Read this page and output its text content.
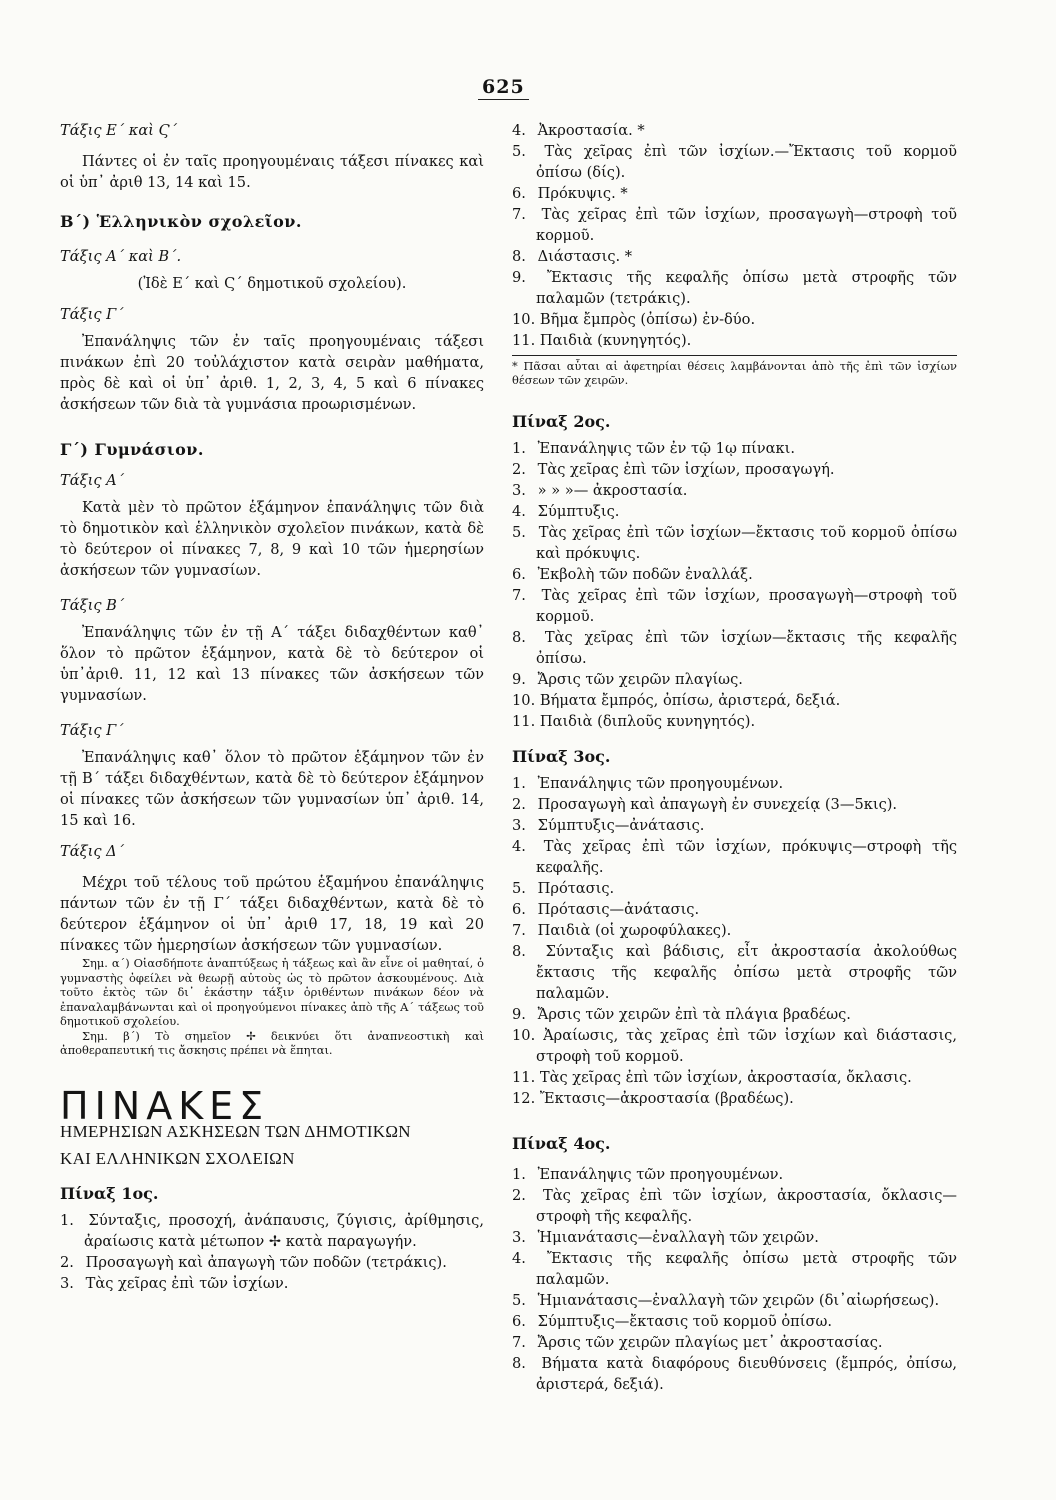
625

Τάξις Ε΄ καὶ Ϛ΄

Πάντες οἱ ἐν ταῖς προηγουμέναις τάξεσι πίνακες καὶ οἱ ὑπ᾽ ἀριθ 13, 14 καὶ 15.

Β΄) Ἑλληνικὸν σχολεῖον.

Τάξις Α΄ καὶ Β΄.

(Ἰδὲ Ε΄ καὶ Ϛ΄ δημοτικοῦ σχολείου).

Τάξις Γ΄

Ἐπανάληψις τῶν ἐν ταῖς προηγουμέναις τάξεσι πινάκων ἐπὶ 20 τοὐλάχιστον κατὰ σειρὰν μαθήματα, πρὸς δὲ καὶ οἱ ὑπ᾽ ἀριθ. 1, 2, 3, 4, 5 καὶ 6 πίνακες ἀσκήσεων τῶν διὰ τὰ γυμνάσια προωρισμένων.

Γ΄) Γυμνάσιον.

Τάξις Α΄

Κατὰ μὲν τὸ πρῶτον ἑξάμηνον ἐπανάληψις τῶν διὰ τὸ δημοτικὸν καὶ ἑλληνικὸν σχολεῖον πινάκων, κατὰ δὲ τὸ δεύτερον οἱ πίνακες 7, 8, 9 καὶ 10 τῶν ἡμερησίων ἀσκήσεων τῶν γυμνασίων.

Τάξις Β΄

Ἐπανάληψις τῶν ἐν τῇ Α΄ τάξει διδαχθέντων καθ᾽ ὅλον τὸ πρῶτον ἑξάμηνον, κατὰ δὲ τὸ δεύτερον οἱ ὑπ᾽ἀριθ. 11, 12 καὶ 13 πίνακες τῶν ἀσκήσεων τῶν γυμνασίων.

Τάξις Γ΄

Ἐπανάληψις καθ᾽ ὅλον τὸ πρῶτον ἑξάμηνον τῶν ἐν τῇ Β΄ τάξει διδαχθέντων, κατὰ δὲ τὸ δεύτερον ἑξάμηνον οἱ πίνακες τῶν ἀσκήσεων τῶν γυμνασίων ὑπ᾽ ἀριθ. 14, 15 καὶ 16.

Τάξις Δ΄

Μέχρι τοῦ τέλους τοῦ πρώτου ἑξαμήνου ἐπανάληψις πάντων τῶν ἐν τῇ Γ΄ τάξει διδαχθέντων, κατὰ δὲ τὸ δεύτερον ἑξάμηνον οἱ ὑπ᾽ ἀριθ 17, 18, 19 καὶ 20 πίνακες τῶν ἡμερησίων ἀσκήσεων τῶν γυμνασίων.

Σημ. α΄) Οἱασδήποτε ἀναπτύξεως ἡ τάξεως καὶ ἂν εἶνε οἱ μαθηταί, ὁ γυμναστὴς ὀφείλει νὰ θεωρῇ αὐτοὺς ὡς τὸ πρῶτον ἀσκουμένους. Διὰ τοῦτο ἐκτὸς τῶν δι᾽ ἑκάστην τάξιν ὁριθέντων πινάκων δέον νὰ ἐπαναλαμβάνωνται καὶ οἱ προηγούμενοι πίνακες ἀπὸ τῆς Α΄ τάξεως τοῦ δημοτικοῦ σχολείου.

Σημ. β΄) Τὸ σημεῖον ✢ δεικνύει ὅτι ἀναπνεοστικὴ καὶ ἀποθεραπευτική τις ἄσκησις πρέπει νὰ ἕπηται.

ΠΙΝΑΚΕΣ

ΗΜΕΡΗΣΙΩΝ ΑΣΚΗΣΕΩΝ ΤΩΝ ΔΗΜΟΤΙΚΩΝ

ΚΑΙ ΕΛΛΗΝΙΚΩΝ ΣΧΟΛΕΙΩΝ

Πίναξ 1ος.

1. Σύνταξις, προσοχή, ἀνάπαυσις, ζύγισις, ἀρίθμησις, ἀραίωσις κατὰ μέτωπον ✢ κατὰ παραγωγήν.
2. Προσαγωγὴ καὶ ἀπαγωγὴ τῶν ποδῶν (τετράκις).
3. Τὰς χεῖρας ἐπὶ τῶν ἰσχίων.
4. Ἀκροστασία. *
5. Τὰς χεῖρας ἐπὶ τῶν ἰσχίων.—Ἔκτασις τοῦ κορμοῦ ὀπίσω (δίς).
6. Πρόκυψις. *
7. Τὰς χεῖρας ἐπὶ τῶν ἰσχίων, προσαγωγὴ—στροφὴ τοῦ κορμοῦ.
8. Διάστασις. *
9. Ἔκτασις τῆς κεφαλῆς ὀπίσω μετὰ στροφῆς τῶν παλαμῶν (τετράκις).
10. Βῆμα ἔμπρὸς (ὀπίσω) ἐν-δύο.
11. Παιδιὰ (κυνηγητός).

* Πᾶσαι αὗται αἱ ἀφετηρίαι θέσεις λαμβάνονται ἀπὸ τῆς ἐπὶ τῶν ἰσχίων θέσεων τῶν χειρῶν.

Πίναξ 2ος.

1. Ἐπανάληψις τῶν ἐν τῷ 1ῳ πίνακι.
2. Τὰς χεῖρας ἐπὶ τῶν ἰσχίων, προσαγωγή.
3. » » »— ἀκροστασία.
4. Σύμπτυξις.
5. Τὰς χεῖρας ἐπὶ τῶν ἰσχίων—ἔκτασις τοῦ κορμοῦ ὀπίσω καὶ πρόκυψις.
6. Ἐκβολὴ τῶν ποδῶν ἐναλλάξ.
7. Τὰς χεῖρας ἐπὶ τῶν ἰσχίων, προσαγωγὴ—στροφὴ τοῦ κορμοῦ.
8. Τὰς χεῖρας ἐπὶ τῶν ἰσχίων—ἔκτασις τῆς κεφαλῆς ὀπίσω.
9. Ἄρσις τῶν χειρῶν πλαγίως.
10. Βήματα ἔμπρός, ὀπίσω, ἀριστερά, δεξιά.
11. Παιδιὰ (διπλοῦς κυνηγητός).

Πίναξ 3ος.

1. Ἐπανάληψις τῶν προηγουμένων.
2. Προσαγωγὴ καὶ ἀπαγωγὴ ἐν συνεχείᾳ (3—5κις).
3. Σύμπτυξις—ἀνάτασις.
4. Τὰς χεῖρας ἐπὶ τῶν ἰσχίων, πρόκυψις—στροφὴ τῆς κεφαλῆς.
5. Πρότασις.
6. Πρότασις—ἀνάτασις.
7. Παιδιὰ (οἱ χωροφύλακες).
8. Σύνταξις καὶ βάδισις, εἶτ ἀκροστασία ἀκολούθως ἔκτασις τῆς κεφαλῆς ὀπίσω μετὰ στροφῆς τῶν παλαμῶν.
9. Ἄρσις τῶν χειρῶν ἐπὶ τὰ πλάγια βραδέως.
10. Ἀραίωσις, τὰς χεῖρας ἐπὶ τῶν ἰσχίων καὶ διάστασις, στροφὴ τοῦ κορμοῦ.
11. Τὰς χεῖρας ἐπὶ τῶν ἰσχίων, ἀκροστασία, ὄκλασις.
12. Ἔκτασις—ἀκροστασία (βραδέως).

Πίναξ 4ος.

1. Ἐπανάληψις τῶν προηγουμένων.
2. Τὰς χεῖρας ἐπὶ τῶν ἰσχίων, ἀκροστασία, ὄκλασις—στροφὴ τῆς κεφαλῆς.
3. Ἡμιανάτασις—ἐναλλαγὴ τῶν χειρῶν.
4. Ἔκτασις τῆς κεφαλῆς ὀπίσω μετὰ στροφῆς τῶν παλαμῶν.
5. Ἡμιανάτασις—ἐναλλαγὴ τῶν χειρῶν (δι᾽αἰωρήσεως).
6. Σύμπτυξις—ἔκτασις τοῦ κορμοῦ ὀπίσω.
7. Ἄρσις τῶν χειρῶν πλαγίως μετ᾽ ἀκροστασίας.
8. Βήματα κατὰ διαφόρους διευθύνσεις (ἔμπρός, ὀπίσω, ἀριστερά, δεξιά).
